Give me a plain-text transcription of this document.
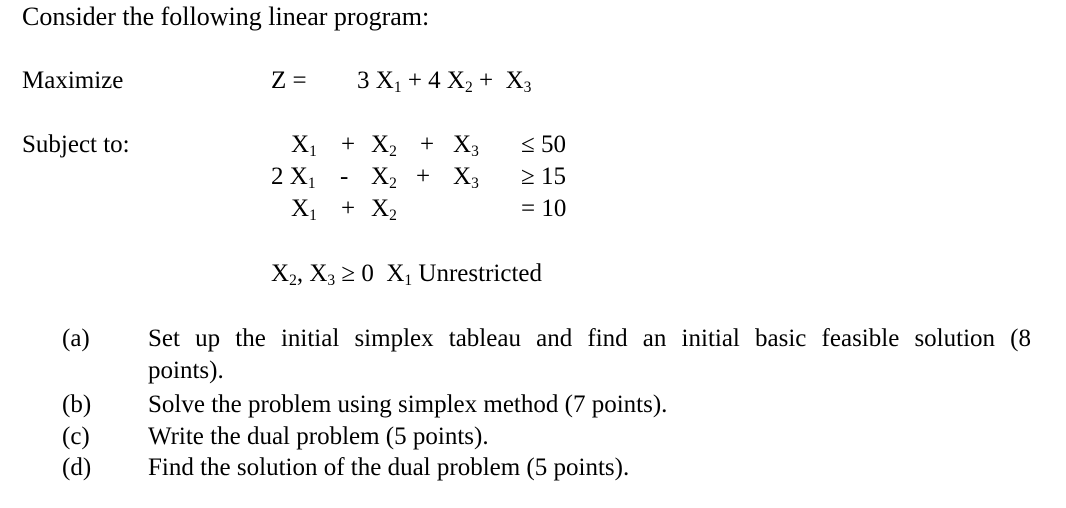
Consider the following linear program:
Maximize	Z = 3 $X_1 + 4$ $X_2 + X_3$
Subject to:	$X_1 + X_2 + X_3 \le 50$
2 $X_1 - X_2 + X_3 \ge 15$
$X_1 + X_2$	= 10
$X_2$, $X_3 \ge 0$ $X_1$ Unrestricted
(a) Set up the initial simplex tableau and find an initial basic feasible solution (8
points).
(b) Solve the problem using simplex method (7 points).
(c) Write the dual problem (5 points).
(d) Find the solution of the dual problem (5 points).
